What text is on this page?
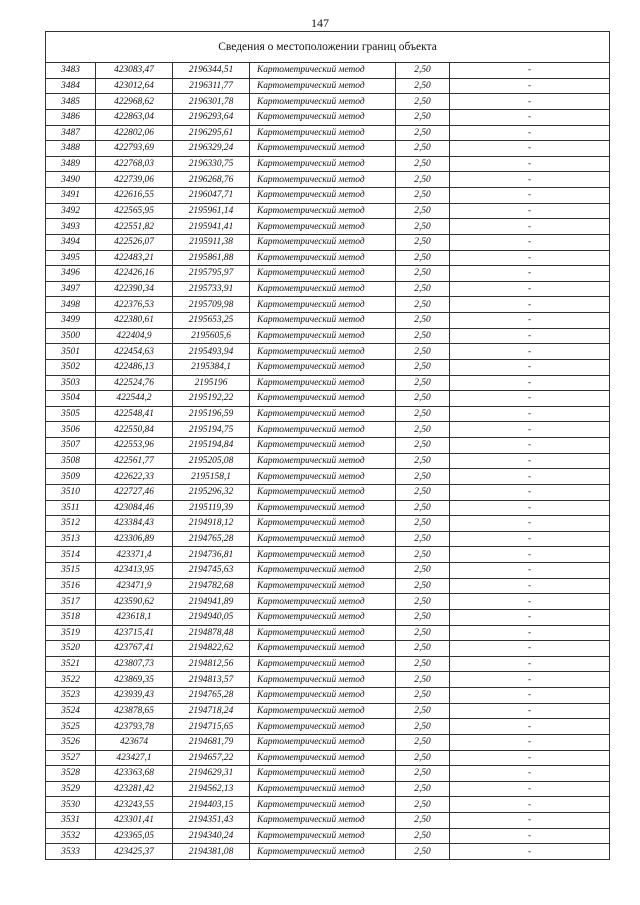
147
Сведения о местоположении границ объекта					
3483	423083,47	2196344,51	Картометрический метод	2,50	-
3484	423012,64	2196311,77	Картометрический метод	2,50	-
3485	422968,62	2196301,78	Картометрический метод	2,50	-
3486	422863,04	2196293,64	Картометрический метод	2,50	-
3487	422802,06	2196295,61	Картометрический метод	2,50	-
3488	422793,69	2196329,24	Картометрический метод	2,50	-
3489	422768,03	2196330,75	Картометрический метод	2,50	-
3490	422739,06	2196268,76	Картометрический метод	2,50	-
3491	422616,55	2196047,71	Картометрический метод	2,50	-
3492	422565,95	2195961,14	Картометрический метод	2,50	-
3493	422551,82	2195941,41	Картометрический метод	2,50	-
3494	422526,07	2195911,38	Картометрический метод	2,50	-
3495	422483,21	2195861,88	Картометрический метод	2,50	-
3496	422426,16	2195795,97	Картометрический метод	2,50	-
3497	422390,34	2195733,91	Картометрический метод	2,50	-
3498	422376,53	2195709,98	Картометрический метод	2,50	-
3499	422380,61	2195653,25	Картометрический метод	2,50	-
3500	422404,9	2195605,6	Картометрический метод	2,50	-
3501	422454,63	2195493,94	Картометрический метод	2,50	-
3502	422486,13	2195384,1	Картометрический метод	2,50	-
3503	422524,76	2195196	Картометрический метод	2,50	-
3504	422544,2	2195192,22	Картометрический метод	2,50	-
3505	422548,41	2195196,59	Картометрический метод	2,50	-
3506	422550,84	2195194,75	Картометрический метод	2,50	-
3507	422553,96	2195194,84	Картометрический метод	2,50	-
3508	422561,77	2195205,08	Картометрический метод	2,50	-
3509	422622,33	2195158,1	Картометрический метод	2,50	-
3510	422727,46	2195296,32	Картометрический метод	2,50	-
3511	423084,46	2195119,39	Картометрический метод	2,50	-
3512	423384,43	2194918,12	Картометрический метод	2,50	-
3513	423306,89	2194765,28	Картометрический метод	2,50	-
3514	423371,4	2194736,81	Картометрический метод	2,50	-
3515	423413,95	2194745,63	Картометрический метод	2,50	-
3516	423471,9	2194782,68	Картометрический метод	2,50	-
3517	423590,62	2194941,89	Картометрический метод	2,50	-
3518	423618,1	2194940,05	Картометрический метод	2,50	-
3519	423715,41	2194878,48	Картометрический метод	2,50	-
3520	423767,41	2194822,62	Картометрический метод	2,50	-
3521	423807,73	2194812,56	Картометрический метод	2,50	-
3522	423869,35	2194813,57	Картометрический метод	2,50	-
3523	423939,43	2194765,28	Картометрический метод	2,50	-
3524	423878,65	2194718,24	Картометрический метод	2,50	-
3525	423793,78	2194715,65	Картометрический метод	2,50	-
3526	423674	2194681,79	Картометрический метод	2,50	-
3527	423427,1	2194657,22	Картометрический метод	2,50	-
3528	423363,68	2194629,31	Картометрический метод	2,50	-
3529	423281,42	2194562,13	Картометрический метод	2,50	-
3530	423243,55	2194403,15	Картометрический метод	2,50	-
3531	423301,41	2194351,43	Картометрический метод	2,50	-
3532	423365,05	2194340,24	Картометрический метод	2,50	-
3533	423425,37	2194381,08	Картометрический метод	2,50	-
